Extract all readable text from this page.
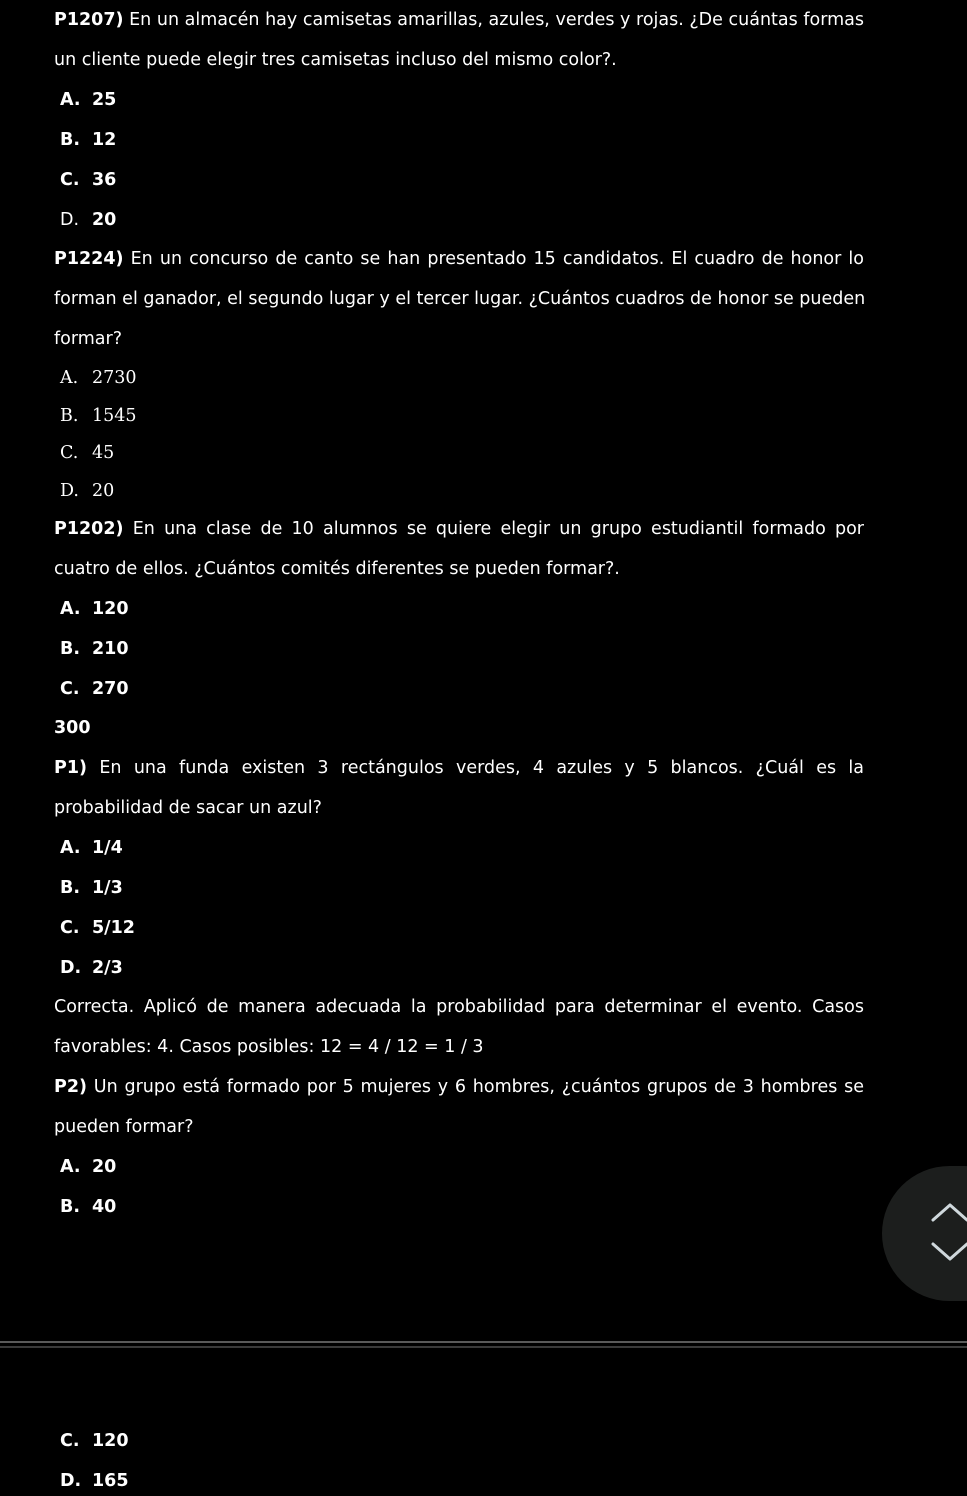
P1207) En un almacén hay camisetas amarillas, azules, verdes y rojas. ¿De cuántas formas
un cliente puede elegir tres camisetas incluso del mismo color?.
A. 25
B. 12
C. 36
D. 20
P1224) En un concurso de canto se han presentado 15 candidatos. El cuadro de honor lo
forman el ganador, el segundo lugar y el tercer lugar. ¿Cuántos cuadros de honor se pueden
formar?
A. 2730
B. 1545
C. 45
D. 20
P1202) En una clase de 10 alumnos se quiere elegir un grupo estudiantil formado por
cuatro de ellos. ¿Cuántos comités diferentes se pueden formar?.
A. 120
B. 210
C. 270
300
P1) En una funda existen 3 rectángulos verdes, 4 azules y 5 blancos. ¿Cuál es la
probabilidad de sacar un azul?
A. 1/4
B. 1/3
C. 5/12
D. 2/3
Correcta. Aplicó de manera adecuada la probabilidad para determinar el evento. Casos
favorables: 4. Casos posibles: 12 = 4 / 12 = 1 / 3
P2) Un grupo está formado por 5 mujeres y 6 hombres, ¿cuántos grupos de 3 hombres se
pueden formar?
A. 20
B. 40
C. 120
D. 165
